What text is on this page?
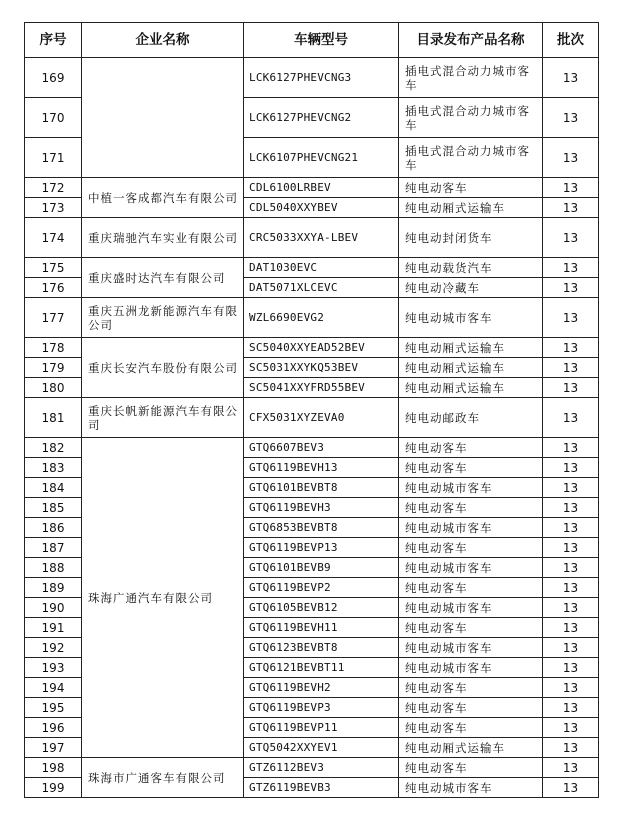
序号	企业名称	车辆型号	目录发布产品名称	批次
169		LCK6127PHEVCNG3	插电式混合动力城市客车	13
170		LCK6127PHEVCNG2	插电式混合动力城市客车	13
171		LCK6107PHEVCNG21	插电式混合动力城市客车	13
172	中植一客成都汽车有限公司	CDL6100LRBEV	纯电动客车	13
173		CDL5040XXYBEV	纯电动厢式运输车	13
174	重庆瑞驰汽车实业有限公司	CRC5033XXYA-LBEV	纯电动封闭货车	13
175	重庆盛时达汽车有限公司	DAT1030EVC	纯电动载货汽车	13
176		DAT5071XLCEVC	纯电动冷藏车	13
177	重庆五洲龙新能源汽车有限公司	WZL6690EVG2	纯电动城市客车	13
178	重庆长安汽车股份有限公司	SC5040XXYEAD52BEV	纯电动厢式运输车	13
179		SC5031XXYKQ53BEV	纯电动厢式运输车	13
180		SC5041XXYFRD55BEV	纯电动厢式运输车	13
181	重庆长帆新能源汽车有限公司	CFX5031XYZEVA0	纯电动邮政车	13
182	珠海广通汽车有限公司	GTQ6607BEV3	纯电动客车	13
183		GTQ6119BEVH13	纯电动客车	13
184		GTQ6101BEVBT8	纯电动城市客车	13
185		GTQ6119BEVH3	纯电动客车	13
186		GTQ6853BEVBT8	纯电动城市客车	13
187		GTQ6119BEVP13	纯电动客车	13
188		GTQ6101BEVB9	纯电动城市客车	13
189		GTQ6119BEVP2	纯电动客车	13
190		GTQ6105BEVB12	纯电动城市客车	13
191		GTQ6119BEVH11	纯电动客车	13
192		GTQ6123BEVBT8	纯电动城市客车	13
193		GTQ6121BEVBT11	纯电动城市客车	13
194		GTQ6119BEVH2	纯电动客车	13
195		GTQ6119BEVP3	纯电动客车	13
196		GTQ6119BEVP11	纯电动客车	13
197		GTQ5042XXYEV1	纯电动厢式运输车	13
198	珠海市广通客车有限公司	GTZ6112BEV3	纯电动客车	13
199		GTZ6119BEVB3	纯电动城市客车	13
